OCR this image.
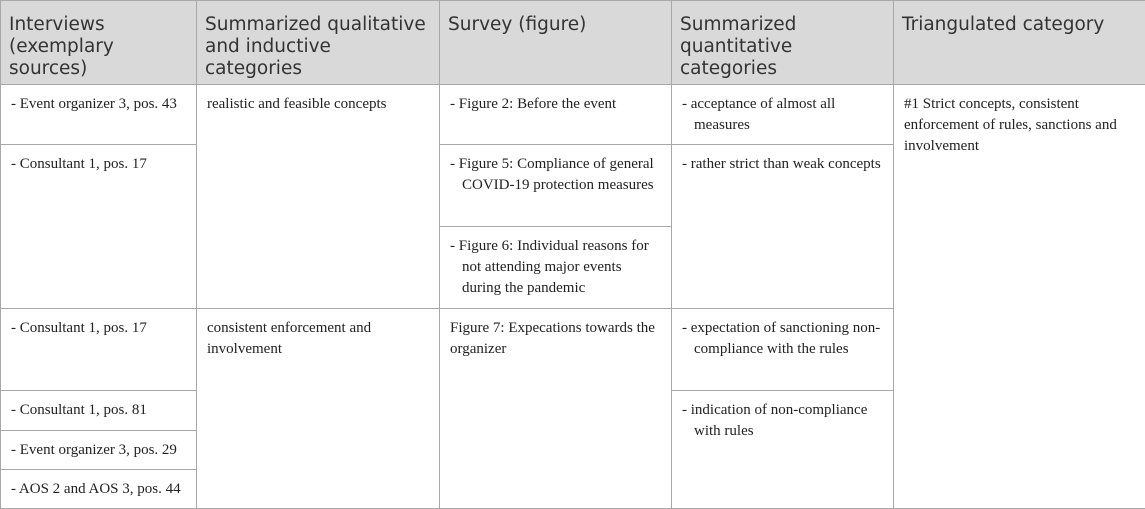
Interviews (exemplary sources)	Summarized qualitative and inductive categories	Survey (figure)	Summarized quantitative categories	Triangulated category

- Event organizer 3, pos. 43	realistic and feasible concepts	- Figure 2: Before the event	- acceptance of almost all measures	#1 Strict concepts, consistent enforcement of rules, sanctions and involvement

- Consultant 1, pos. 17		- Figure 5: Compliance of general COVID-19 protection measures	- rather strict than weak concepts	

		- Figure 6: Individual reasons for not attending major events during the pandemic		

- Consultant 1, pos. 17	consistent enforcement and involvement	Figure 7: Expecations towards the organizer	- expectation of sanctioning non-compliance with the rules	

- Consultant 1, pos. 81			- indication of non-compliance with rules	

- Event organizer 3, pos. 29				

- AOS 2 and AOS 3, pos. 44				
